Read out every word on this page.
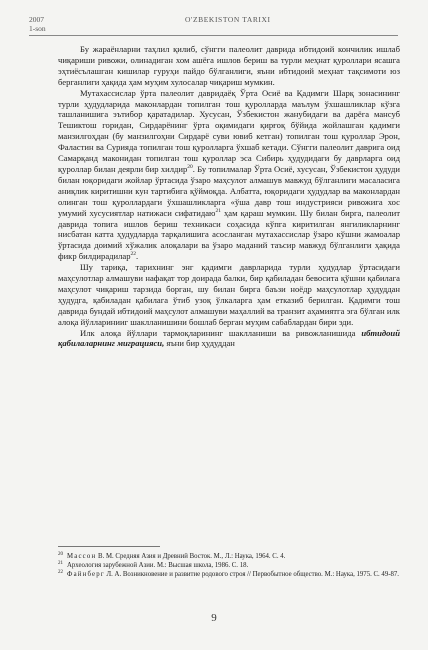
2007
1-son
O'ZBEKISTON TARIXI

Бу жараёнларни таҳлил қилиб, сўнгги палеолит даврида ибтидоий кончилик ишлаб чиқариши ривожи, олинадиган хом ашёга ишлов бериш ва турли меҳнат қуроллари ясашга эҳтиёсълашган кишилар гуруҳи пайдо бўлганлиги, яъни ибтидоий меҳнат тақсимоти юз берганлиги ҳақида ҳам муҳим хулосалар чиқариш мумкин.

Мутахассислар ўрта палеолит давридаёқ Ўрта Осиё ва Қадимги Шарқ зонасининг турли ҳудудларида маконлардан топилган тош қуролларда маълум ўхшашликлар кўзга ташланишига эътибор қаратадилар. Хусусан, Ўзбекистон жанубидаги ва дарёга мансуб Тешиктош горидан, Сирдарёнинг ўрта оқимидаги қирғоқ бўйида жойлашган қадимги манзилгоҳдан (бу манзилгоҳни Сирдарё суви ювиб кетган) топилган тош қуроллар Эрон, Фаластин ва Сурияда топилган тош қуролларга ўхшаб кетади. Сўнгги палеолит даврига оид Самарқанд маконидан топилган тош қуроллар эса Сибирь ҳудудидаги бу даврларга оид қуроллар билан деярли бир хилдир$^{20}$. Бу топилмалар Ўрта Осиё, хусусан, Ўзбекистон ҳудуди билан юқоридаги жойлар ўртасида ўзаро маҳсулот алмашув мавжуд бўлганлиги масаласига аниқлик киритишни кун тартибига қўймоқда. Албатта, юқоридаги ҳудудлар ва маконлардан олинган тош қуроллардаги ўхшашликларга «ўша давр тош индустрияси ривожига хос умумий хусусиятлар натижаси сифатидаю$^{21}$ ҳам қараш мумкин. Шу билан бирга, палеолит даврида топига ишлов бериш техникаси соҳасида кўпга киритилган янгиликларнинг нисбатан катта ҳудудларда тарқалишига асосланган мутахассислар ўзаро кўшни жамоалар ўртасида доимий хўжалик алоқалари ва ўзаро маданий таъсир мавжуд бўлганлиги ҳақида фикр билдирадилар$^{22}$.

Шу тариқа, тарихнинг энг қадимги даврларида турли ҳудудлар ўртасидаги маҳсулотлар алмашуви нафақат тор доирада балки, бир қабиладан бевосита қўшни қабилага маҳсулот чиқариш тарзида борган, шу билан бирга баъзи ноёдр маҳсулотлар ҳудуддан ҳудудга, қабиладан қабилага ўтиб узоқ ўлкаларга ҳам етказиб берилган. Қадимги тош даврида бундай ибтидоий маҳсулот алмашуви маҳаллий ва транзит аҳамиятга эга бўлган илк алоқа йўлларинииг шаклланишини бошлаб берган муҳим сабаблардан бири эди.

Илк алоқа йўллари тармоқларининг шаклланиши ва ривожланишида ибтидоий қабилаларнинг миграцияси, яъни бир ҳудуддан

$^{20}$ Массон В. М. Средняя Азия и Древний Восток. М., Л.: Наука, 1964. С. 4.

$^{21}$ Археология зарубежной Азии. М.: Высшая школа, 1986. С. 18.

$^{22}$ Файнберг Л. А. Возникновение и развитие родового строя // Первобытное общество. М.: Наука, 1975. С. 49-87.

9
